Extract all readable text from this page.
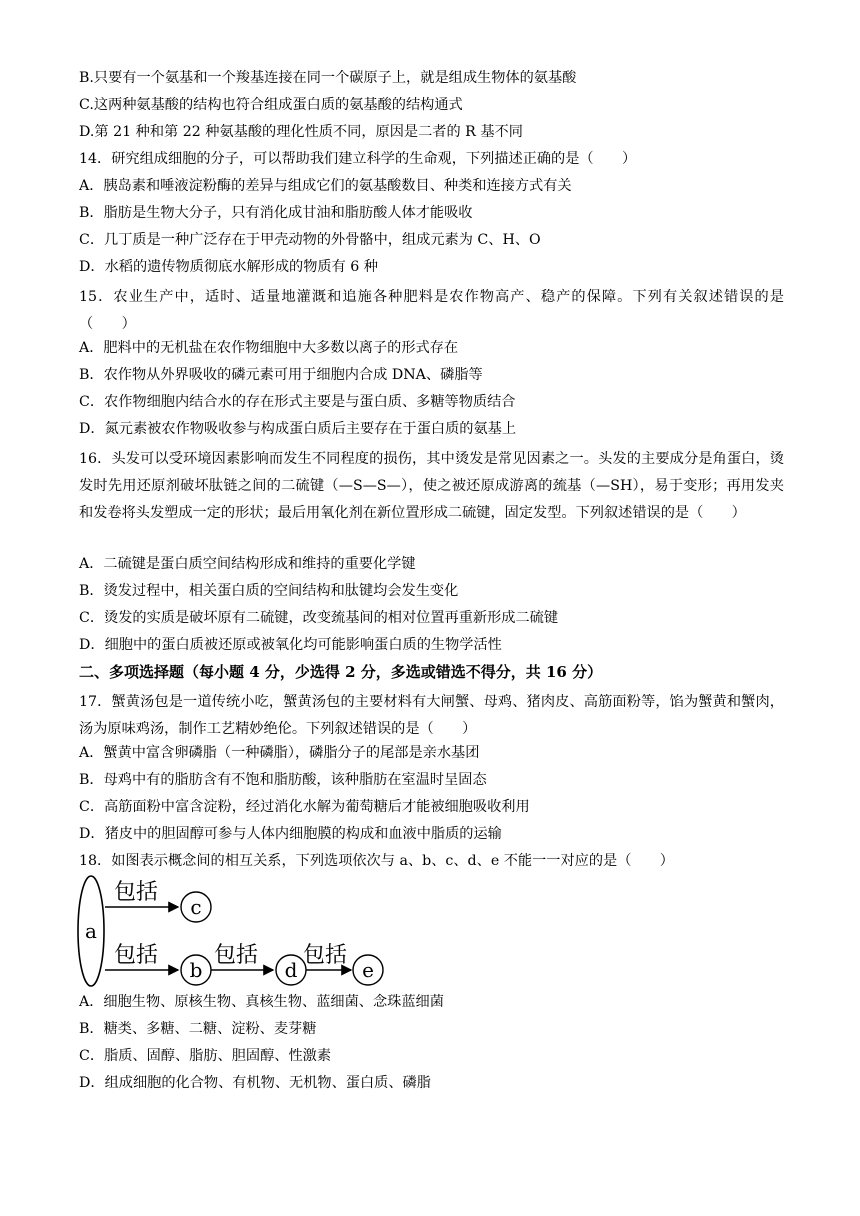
B.只要有一个氨基和一个羧基连接在同一个碳原子上，就是组成生物体的氨基酸
C.这两种氨基酸的结构也符合组成蛋白质的氨基酸的结构通式
D.第 21 种和第 22 种氨基酸的理化性质不同，原因是二者的 R 基不同
14．研究组成细胞的分子，可以帮助我们建立科学的生命观，下列描述正确的是（　　）
A．胰岛素和唾液淀粉酶的差异与组成它们的氨基酸数目、种类和连接方式有关
B．脂肪是生物大分子，只有消化成甘油和脂肪酸人体才能吸收
C．几丁质是一种广泛存在于甲壳动物的外骨骼中，组成元素为 C、H、O
D．水稻的遗传物质彻底水解形成的物质有 6 种
15．农业生产中，适时、适量地灌溉和追施各种肥料是农作物高产、稳产的保障。下列有关叙述错误的是（　　）
A．肥料中的无机盐在农作物细胞中大多数以离子的形式存在
B．农作物从外界吸收的磷元素可用于细胞内合成 DNA、磷脂等
C．农作物细胞内结合水的存在形式主要是与蛋白质、多糖等物质结合
D．氮元素被农作物吸收参与构成蛋白质后主要存在于蛋白质的氨基上
16．头发可以受环境因素影响而发生不同程度的损伤，其中烫发是常见因素之一。头发的主要成分是角蛋白，烫发时先用还原剂破坏肽链之间的二硫键（—S—S—），使之被还原成游离的巯基（—SH），易于变形；再用发夹和发卷将头发塑成一定的形状；最后用氧化剂在新位置形成二硫键，固定发型。下列叙述错误的是（　　）
A．二硫键是蛋白质空间结构形成和维持的重要化学键
B．烫发过程中，相关蛋白质的空间结构和肽键均会发生变化
C．烫发的实质是破坏原有二硫键，改变巯基间的相对位置再重新形成二硫键
D．细胞中的蛋白质被还原或被氧化均可能影响蛋白质的生物学活性
二、多项选择题（每小题 4 分，少选得 2 分，多选或错选不得分，共 16 分）
17．蟹黄汤包是一道传统小吃，蟹黄汤包的主要材料有大闸蟹、母鸡、猪肉皮、高筋面粉等，馅为蟹黄和蟹肉，汤为原味鸡汤，制作工艺精妙绝伦。下列叙述错误的是（　　）
A．蟹黄中富含卵磷脂（一种磷脂），磷脂分子的尾部是亲水基团
B．母鸡中有的脂肪含有不饱和脂肪酸，该种脂肪在室温时呈固态
C．高筋面粉中富含淀粉，经过消化水解为葡萄糖后才能被细胞吸收利用
D．猪皮中的胆固醇可参与人体内细胞膜的构成和血液中脂质的运输
18．如图表示概念间的相互关系，下列选项依次与 a、b、c、d、e 不能一一对应的是（　　）
a
包括
c
包括
b
包括
d
包括
e
A．细胞生物、原核生物、真核生物、蓝细菌、念珠蓝细菌
B．糖类、多糖、二糖、淀粉、麦芽糖
C．脂质、固醇、脂肪、胆固醇、性激素
D．组成细胞的化合物、有机物、无机物、蛋白质、磷脂
